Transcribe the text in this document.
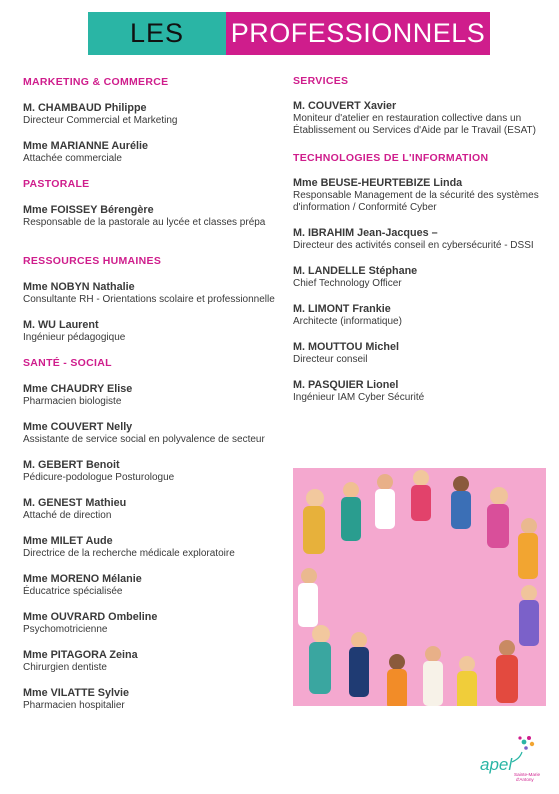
LES PROFESSIONNELS

MARKETING & COMMERCE

M. CHAMBAUD Philippe

Directeur Commercial et Marketing

Mme MARIANNE Aurélie

Attachée commerciale

PASTORALE

Mme FOISSEY Bérengère

Responsable de la pastorale au lycée et classes prépa

RESSOURCES HUMAINES

Mme NOBYN Nathalie

Consultante RH - Orientations scolaire et professionnelle

M. WU Laurent

Ingénieur pédagogique

SANTÉ - SOCIAL

Mme CHAUDRY Elise

Pharmacien biologiste

Mme COUVERT Nelly

Assistante de service social en polyvalence de secteur

M. GEBERT Benoit

Pédicure-podologue Posturologue

M. GENEST Mathieu

Attaché de direction

Mme MILET Aude

Directrice de la recherche médicale exploratoire

Mme MORENO Mélanie

Éducatrice spécialisée

Mme OUVRARD Ombeline

Psychomotricienne

Mme PITAGORA Zeina

Chirurgien dentiste

Mme VILATTE Sylvie

Pharmacien hospitalier

SERVICES

M. COUVERT Xavier

Moniteur d'atelier en restauration collective dans un Établissement ou Services d'Aide par le Travail (ESAT)

TECHNOLOGIES DE L'INFORMATION

Mme BEUSE-HEURTEBIZE Linda

Responsable Management de la sécurité des systèmes d'information / Conformité Cyber

M. IBRAHIM Jean-Jacques –

Directeur des activités conseil en cybersécurité - DSSI

M. LANDELLE Stéphane

Chief Technology Officer

M. LIMONT Frankie

Architecte (informatique)

M. MOUTTOU Michel

Directeur conseil

M. PASQUIER Lionel

Ingénieur IAM Cyber Sécurité

apel
Sainte-Marie
d'Antony
